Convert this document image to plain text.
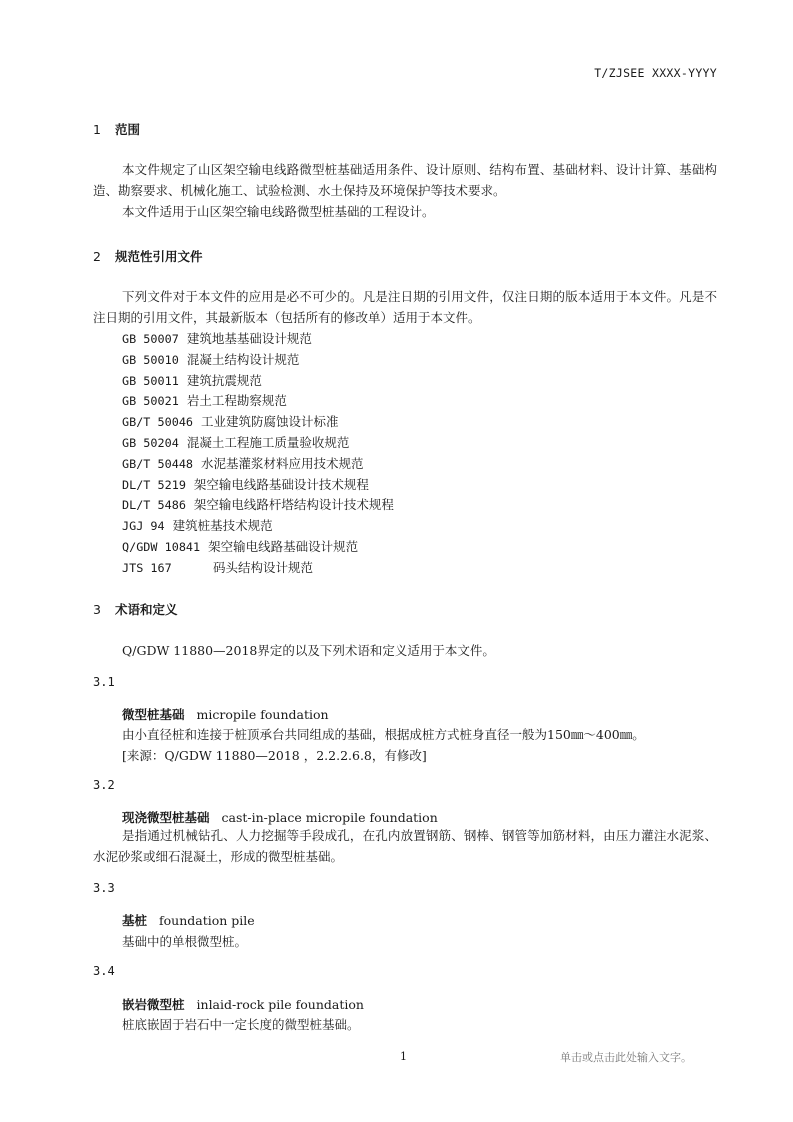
T/ZJSEE XXXX-YYYY
1 范围
本文件规定了山区架空输电线路微型桩基础适用条件、设计原则、结构布置、基础材料、设计计算、基础构造、勘察要求、机械化施工、试验检测、水土保持及环境保护等技术要求。
本文件适用于山区架空输电线路微型桩基础的工程设计。
2 规范性引用文件
下列文件对于本文件的应用是必不可少的。凡是注日期的引用文件，仅注日期的版本适用于本文件。凡是不注日期的引用文件，其最新版本（包括所有的修改单）适用于本文件。
GB 50007 建筑地基基础设计规范
GB 50010 混凝土结构设计规范
GB 50011 建筑抗震规范
GB 50021 岩土工程勘察规范
GB/T 50046 工业建筑防腐蚀设计标准
GB 50204 混凝土工程施工质量验收规范
GB/T 50448 水泥基灌浆材料应用技术规范
DL/T 5219 架空输电线路基础设计技术规程
DL/T 5486 架空输电线路杆塔结构设计技术规程
JGJ 94 建筑桩基技术规范
Q/GDW 10841 架空输电线路基础设计规范
JTS 167	码头结构设计规范
3 术语和定义
Q/GDW 11880—2018界定的以及下列术语和定义适用于本文件。
3.1
微型桩基础 micropile foundation
由小直径桩和连接于桩顶承台共同组成的基础，根据成桩方式桩身直径一般为150㎜～400㎜。
[来源：Q/GDW 11880—2018 ，2.2.2.6.8，有修改]
3.2
现浇微型桩基础 cast-in-place micropile foundation
是指通过机械钻孔、人力挖掘等手段成孔，在孔内放置钢筋、钢棒、钢管等加筋材料，由压力灌注水泥浆、水泥砂浆或细石混凝土，形成的微型桩基础。
3.3
基桩 foundation pile
基础中的单根微型桩。
3.4
嵌岩微型桩 inlaid-rock pile foundation
桩底嵌固于岩石中一定长度的微型桩基础。
1	单击或点击此处输入文字。
